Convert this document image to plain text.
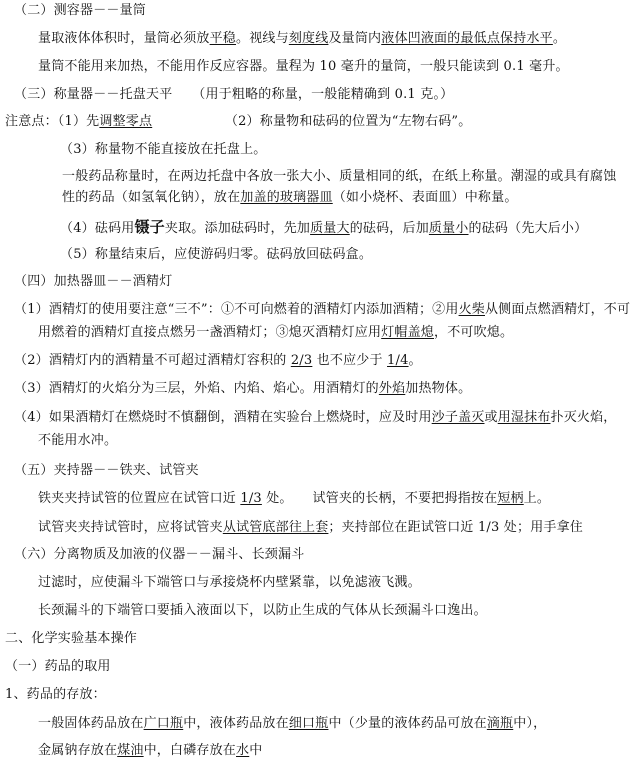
（二）测容器－－量筒
量取液体体积时，量筒必须放平稳。视线与刻度线及量筒内液体凹液面的最低点保持水平。
量筒不能用来加热，不能用作反应容器。量程为 10 毫升的量筒，一般只能读到 0.1 毫升。
（三）称量器－－托盘天平　　（用于粗略的称量，一般能精确到 0.1 克。）
注意点：（1）先调整零点　　　　　　（2）称量物和砝码的位置为“左物右码”。
（3）称量物不能直接放在托盘上。
一般药品称量时，在两边托盘中各放一张大小、质量相同的纸，在纸上称量。潮湿的或具有腐蚀
性的药品（如氢氧化钠），放在加盖的玻璃器皿（如小烧杯、表面皿）中称量。
（4）砝码用镊子夹取。添加砝码时，先加质量大的砝码，后加质量小的砝码（先大后小）
（5）称量结束后，应使游码归零。砝码放回砝码盒。
（四）加热器皿－－酒精灯
（1）酒精灯的使用要注意“三不”：①不可向燃着的酒精灯内添加酒精；②用火柴从侧面点燃酒精灯，不可
用燃着的酒精灯直接点燃另一盏酒精灯；③熄灭酒精灯应用灯帽盖熄，不可吹熄。
（2）酒精灯内的酒精量不可超过酒精灯容积的 2/3 也不应少于 1/4。
（3）酒精灯的火焰分为三层，外焰、内焰、焰心。用酒精灯的外焰加热物体。
（4）如果酒精灯在燃烧时不慎翻倒，酒精在实验台上燃烧时，应及时用沙子盖灭或用湿抹布扑灭火焰，
不能用水冲。
（五）夹持器－－铁夹、试管夹
铁夹夹持试管的位置应在试管口近 1/3 处。　　试管夹的长柄，不要把拇指按在短柄上。
试管夹夹持试管时，应将试管夹从试管底部往上套；夹持部位在距试管口近 1/3 处；用手拿住
（六）分离物质及加液的仪器－－漏斗、长颈漏斗
过滤时，应使漏斗下端管口与承接烧杯内壁紧靠，以免滤液飞溅。
长颈漏斗的下端管口要插入液面以下，以防止生成的气体从长颈漏斗口逸出。
二、化学实验基本操作
（一）药品的取用
1、药品的存放：
一般固体药品放在广口瓶中，液体药品放在细口瓶中（少量的液体药品可放在滴瓶中），
金属钠存放在煤油中，白磷存放在水中
